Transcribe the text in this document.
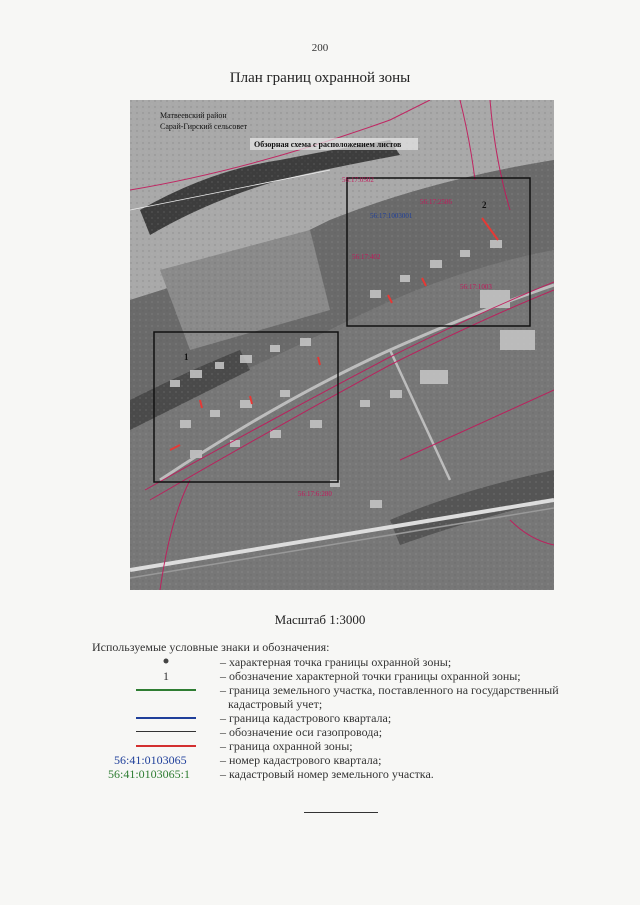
200
План границ охранной зоны
Матвеевский район
Сарай-Гирский сельсовет
Обзорная схема с расположением листов
2
1
56:17:0502
56:17:2586
56:17:1003001
56:17:402
56:17:1003
56:17:6:280
Масштаб 1:3000
Используемые условные знаки и обозначения:
– характерная точка границы охранной зоны;
1	– обозначение характерной точки границы охранной зоны;
– граница земельного участка, поставленного на государственный
кадастровый учет;
– граница кадастрового квартала;
– обозначение оси газопровода;
– граница охранной зоны;
56:41:0103065	– номер кадастрового квартала;
56:41:0103065:1 – кадастровый номер земельного участка.
